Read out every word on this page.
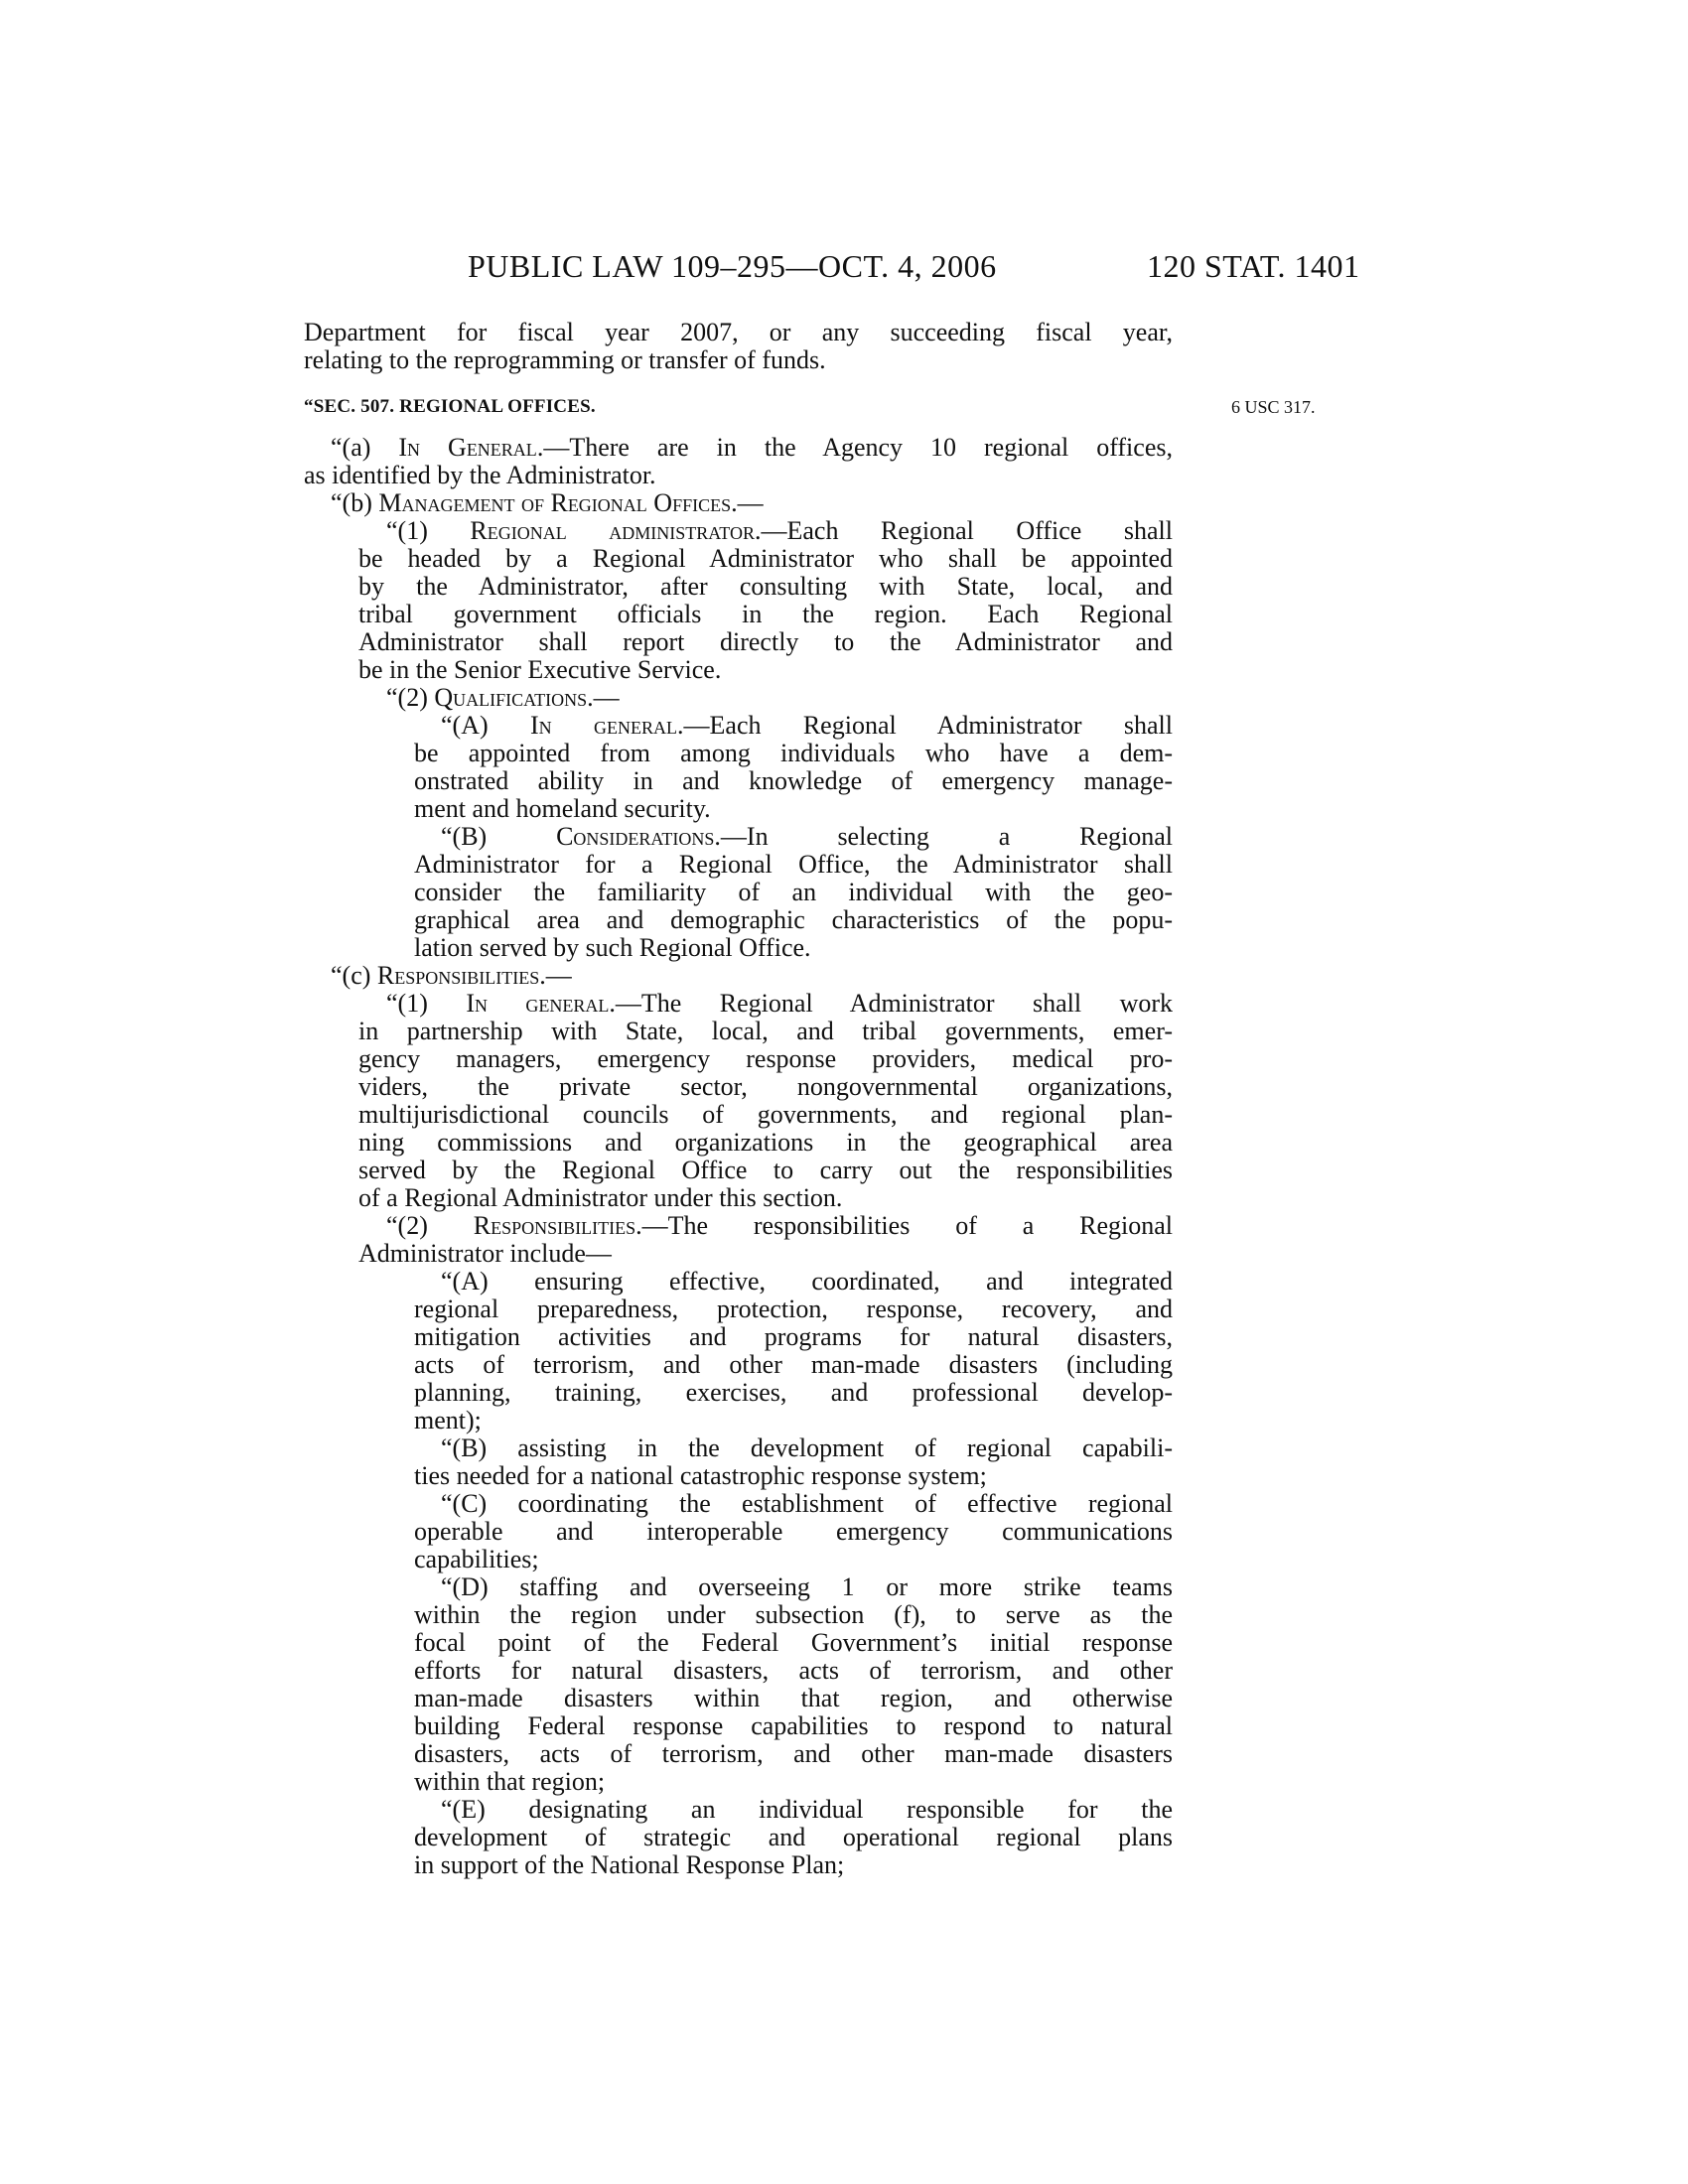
PUBLIC LAW 109–295—OCT. 4, 2006	120 STAT. 1401
Department for fiscal year 2007, or any succeeding fiscal year,
relating to the reprogramming or transfer of funds.
“SEC. 507. REGIONAL OFFICES.	6 USC 317.
“(a) In General.—There are in the Agency 10 regional offices,
as identified by the Administrator.
“(b) Management of Regional Offices.—
“(1) Regional administrator.—Each Regional Office shall
be headed by a Regional Administrator who shall be appointed
by the Administrator, after consulting with State, local, and
tribal government officials in the region. Each Regional
Administrator shall report directly to the Administrator and
be in the Senior Executive Service.
“(2) Qualifications.—
“(A) In general.—Each Regional Administrator shall
be appointed from among individuals who have a dem-
onstrated ability in and knowledge of emergency manage-
ment and homeland security.
“(B) Considerations.—In selecting a Regional
Administrator for a Regional Office, the Administrator shall
consider the familiarity of an individual with the geo-
graphical area and demographic characteristics of the popu-
lation served by such Regional Office.
“(c) Responsibilities.—
“(1) In general.—The Regional Administrator shall work
in partnership with State, local, and tribal governments, emer-
gency managers, emergency response providers, medical pro-
viders, the private sector, nongovernmental organizations,
multijurisdictional councils of governments, and regional plan-
ning commissions and organizations in the geographical area
served by the Regional Office to carry out the responsibilities
of a Regional Administrator under this section.
“(2) Responsibilities.—The responsibilities of a Regional
Administrator include—
“(A) ensuring effective, coordinated, and integrated
regional preparedness, protection, response, recovery, and
mitigation activities and programs for natural disasters,
acts of terrorism, and other man-made disasters (including
planning, training, exercises, and professional develop-
ment);
“(B) assisting in the development of regional capabili-
ties needed for a national catastrophic response system;
“(C) coordinating the establishment of effective regional
operable and interoperable emergency communications
capabilities;
“(D) staffing and overseeing 1 or more strike teams
within the region under subsection (f), to serve as the
focal point of the Federal Government’s initial response
efforts for natural disasters, acts of terrorism, and other
man-made disasters within that region, and otherwise
building Federal response capabilities to respond to natural
disasters, acts of terrorism, and other man-made disasters
within that region;
“(E) designating an individual responsible for the
development of strategic and operational regional plans
in support of the National Response Plan;
